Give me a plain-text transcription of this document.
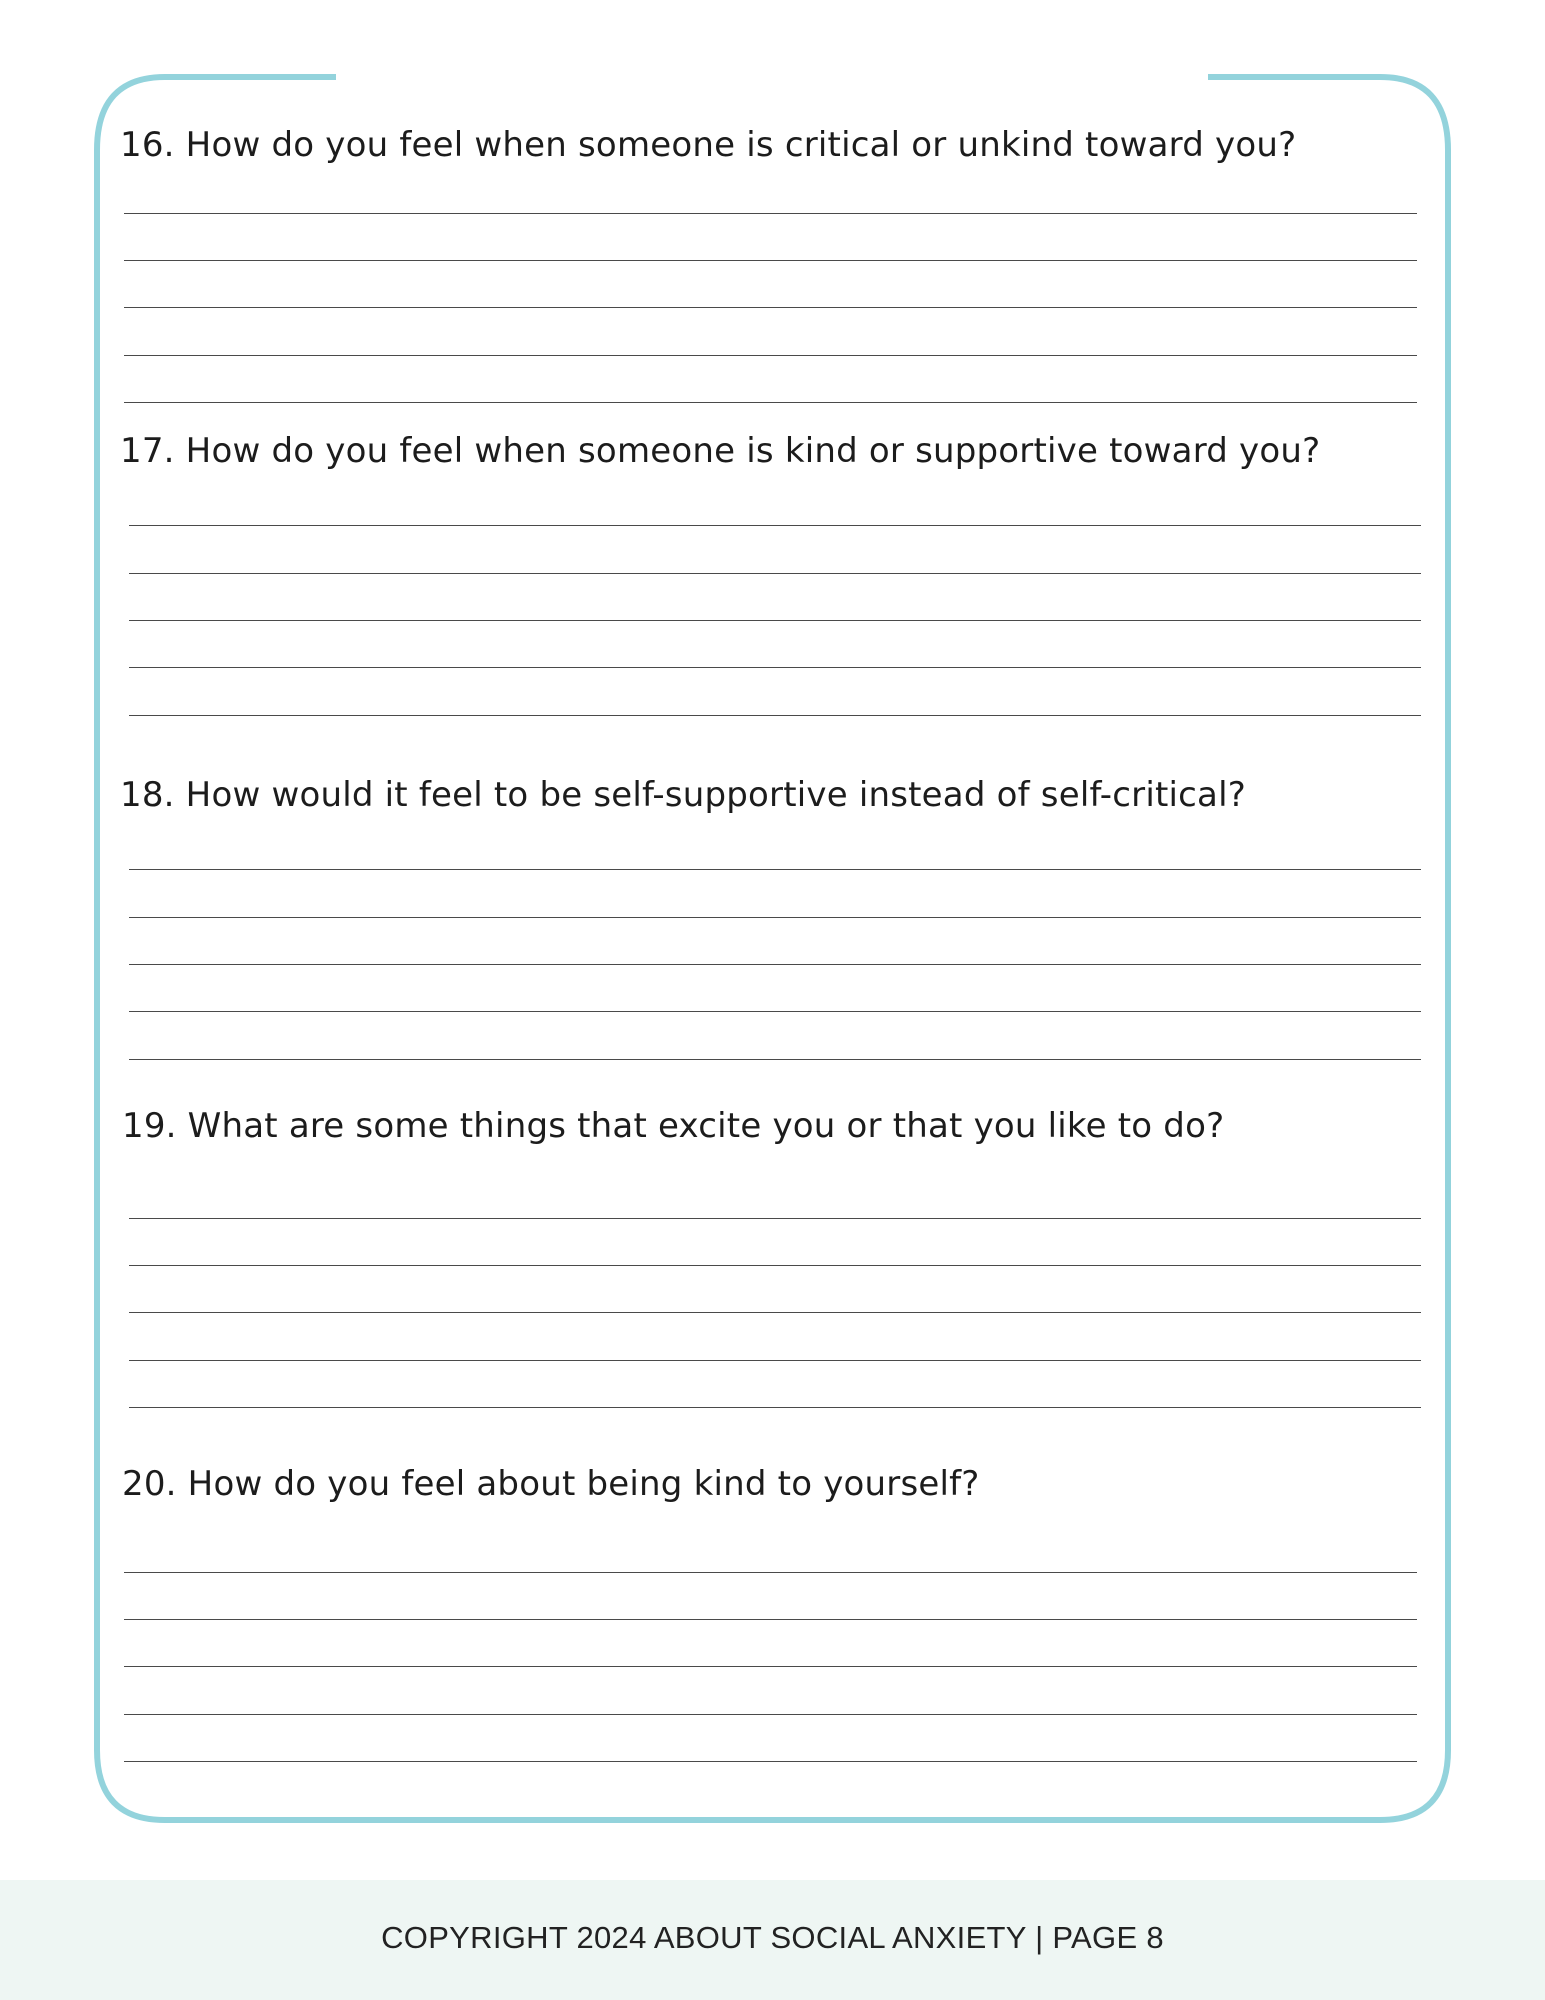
16. How do you feel when someone is critical or unkind toward you?
17. How do you feel when someone is kind or supportive toward you?
18. How would it feel to be self-supportive instead of self-critical?
19. What are some things that excite you or that you like to do?
20. How do you feel about being kind to yourself?
COPYRIGHT 2024 ABOUT SOCIAL ANXIETY | PAGE 8
